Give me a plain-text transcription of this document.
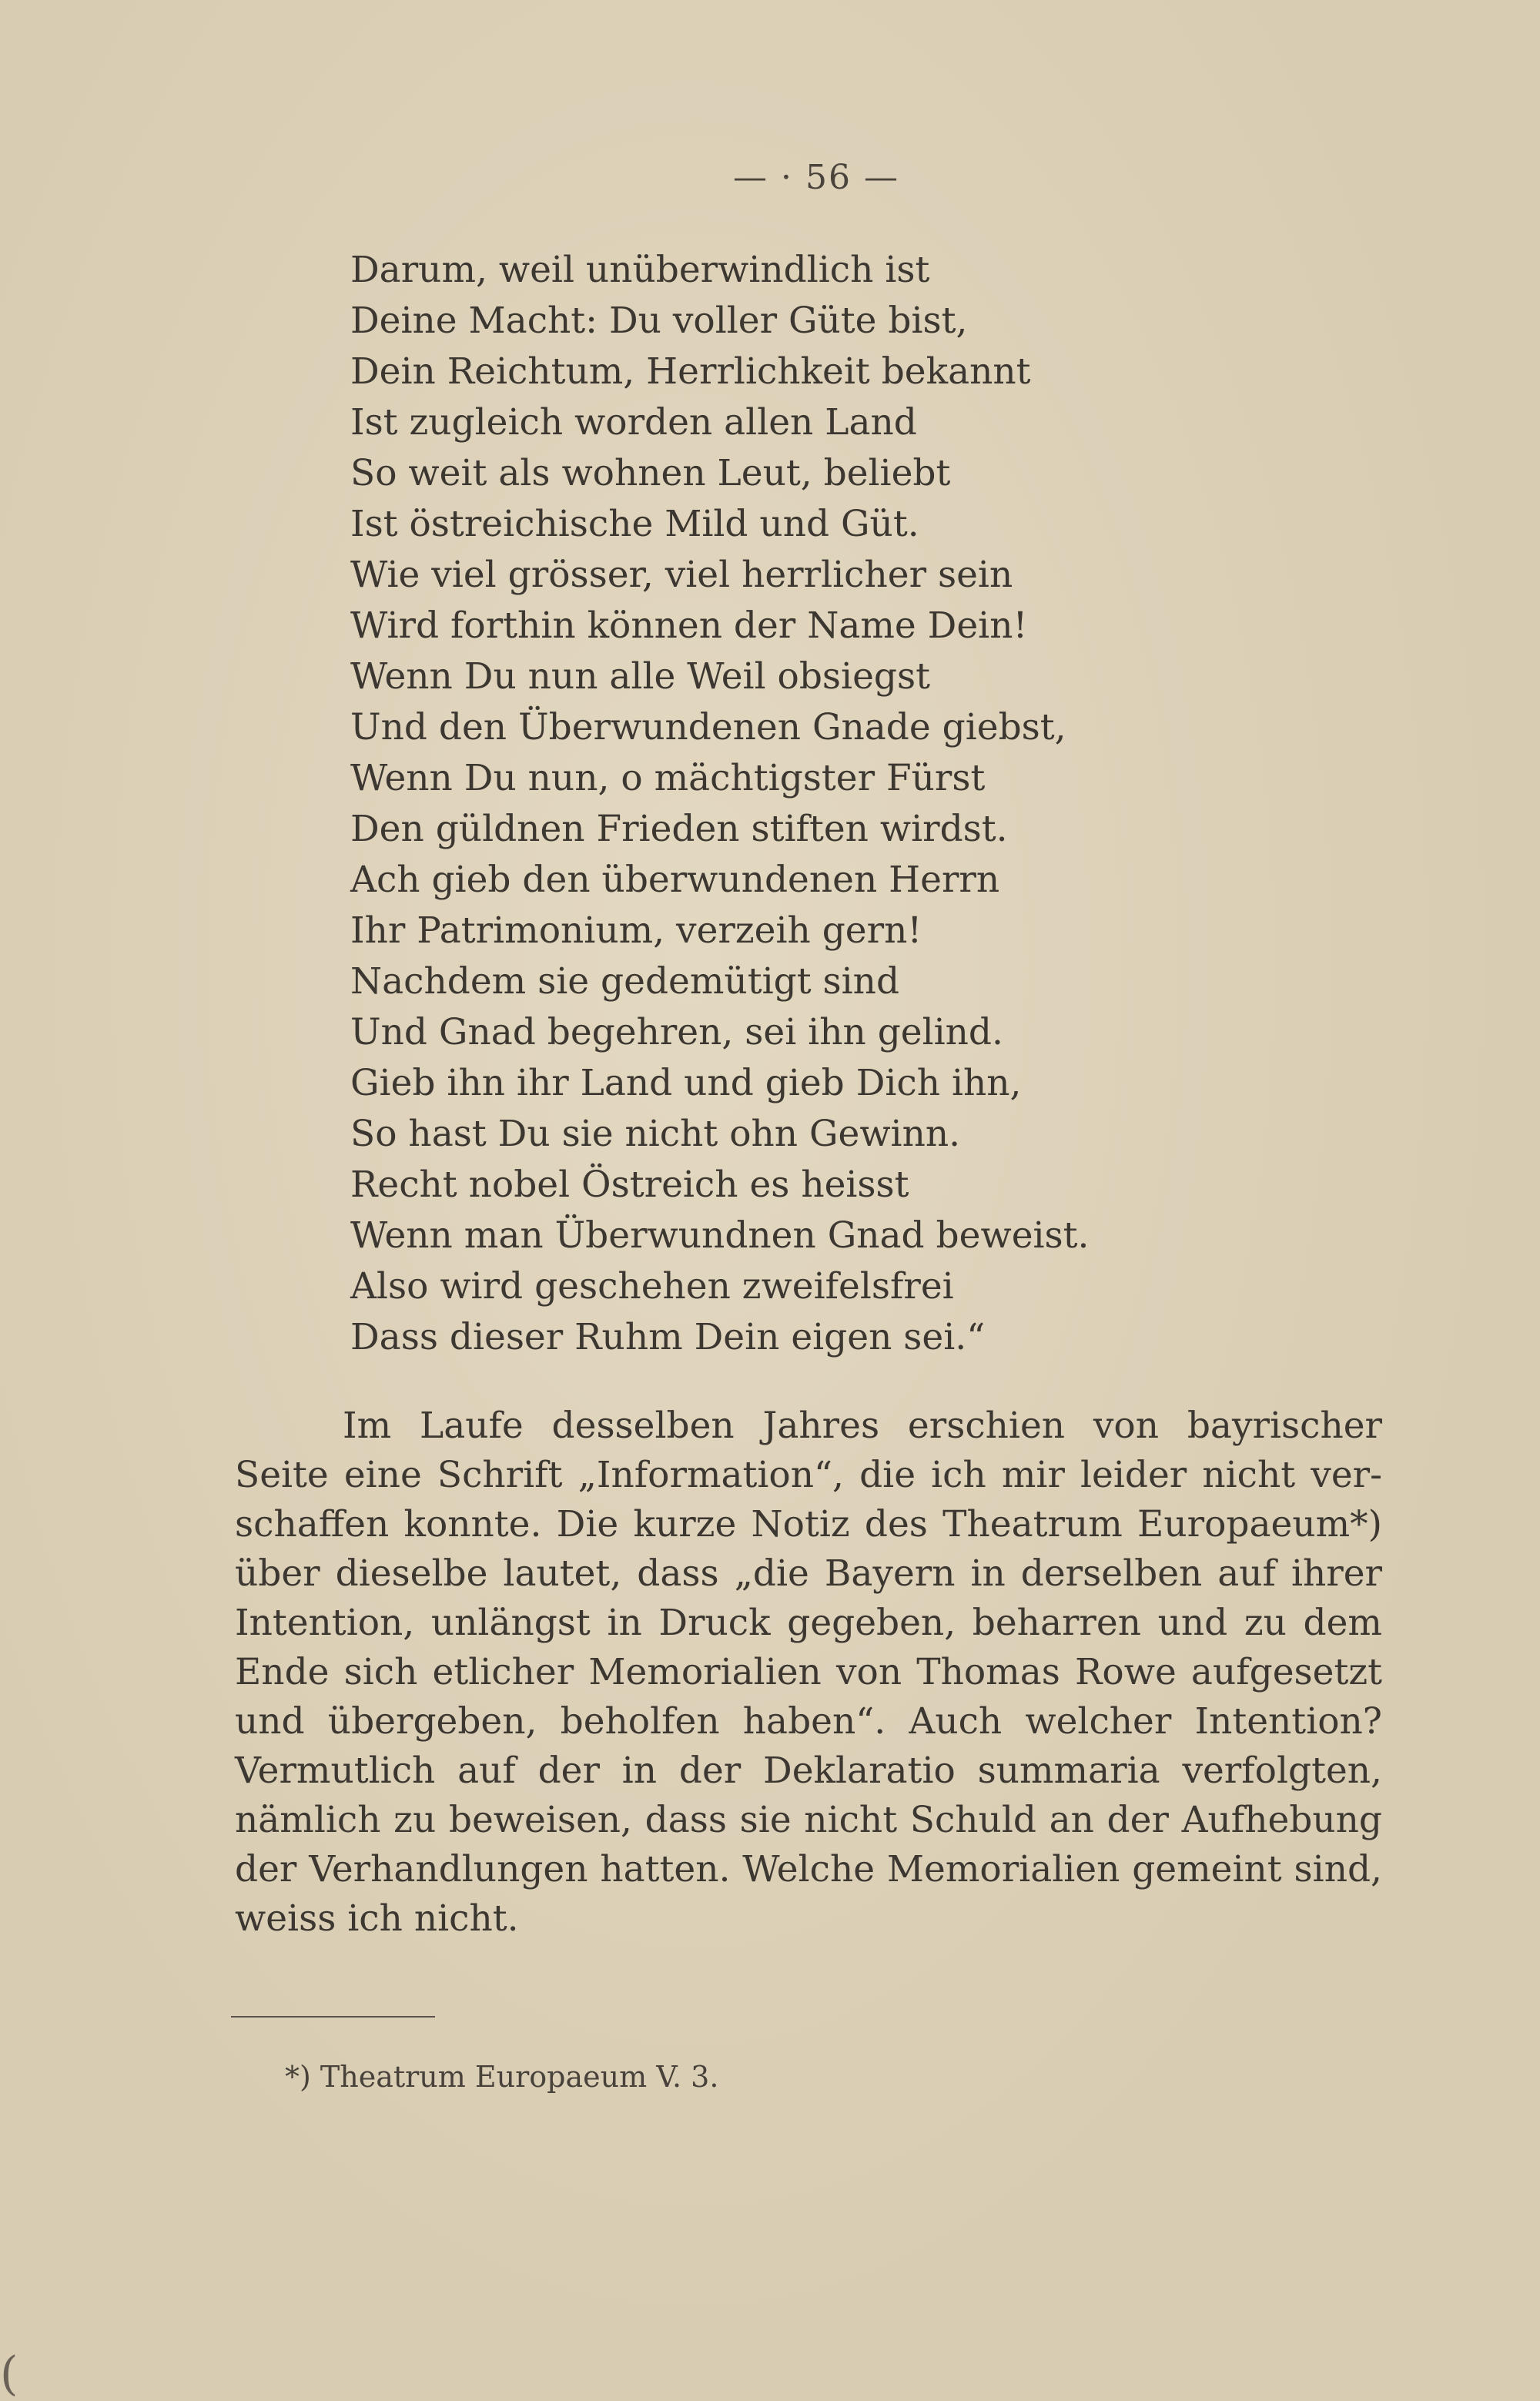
— · 56 —
Darum, weil unüberwindlich ist
Deine Macht: Du voller Güte bist,
Dein Reichtum, Herrlichkeit bekannt
Ist zugleich worden allen Land
So weit als wohnen Leut, beliebt
Ist östreichische Mild und Güt.
Wie viel grösser, viel herrlicher sein
Wird forthin können der Name Dein!
Wenn Du nun alle Weil obsiegst
Und den Überwundenen Gnade giebst,
Wenn Du nun, o mächtigster Fürst
Den güldnen Frieden stiften wirdst.
Ach gieb den überwundenen Herrn
Ihr Patrimonium, verzeih gern!
Nachdem sie gedemütigt sind
Und Gnad begehren, sei ihn gelind.
Gieb ihn ihr Land und gieb Dich ihn,
So hast Du sie nicht ohn Gewinn.
Recht nobel Östreich es heisst
Wenn man Überwundnen Gnad beweist.
Also wird geschehen zweifelsfrei
Dass dieser Ruhm Dein eigen sei.“
Im Laufe desselben Jahres erschien von bayrischer
Seite eine Schrift „Information“, die ich mir leider nicht ver-
schaffen konnte. Die kurze Notiz des Theatrum Europaeum*)
über dieselbe lautet, dass „die Bayern in derselben auf ihrer
Intention, unlängst in Druck gegeben, beharren und zu dem
Ende sich etlicher Memorialien von Thomas Rowe aufgesetzt
und übergeben, beholfen haben“. Auch welcher Intention?
Vermutlich auf der in der Deklaratio summaria verfolgten,
nämlich zu beweisen, dass sie nicht Schuld an der Aufhebung
der Verhandlungen hatten. Welche Memorialien gemeint sind,
weiss ich nicht.
*) Theatrum Europaeum V. 3.
(
